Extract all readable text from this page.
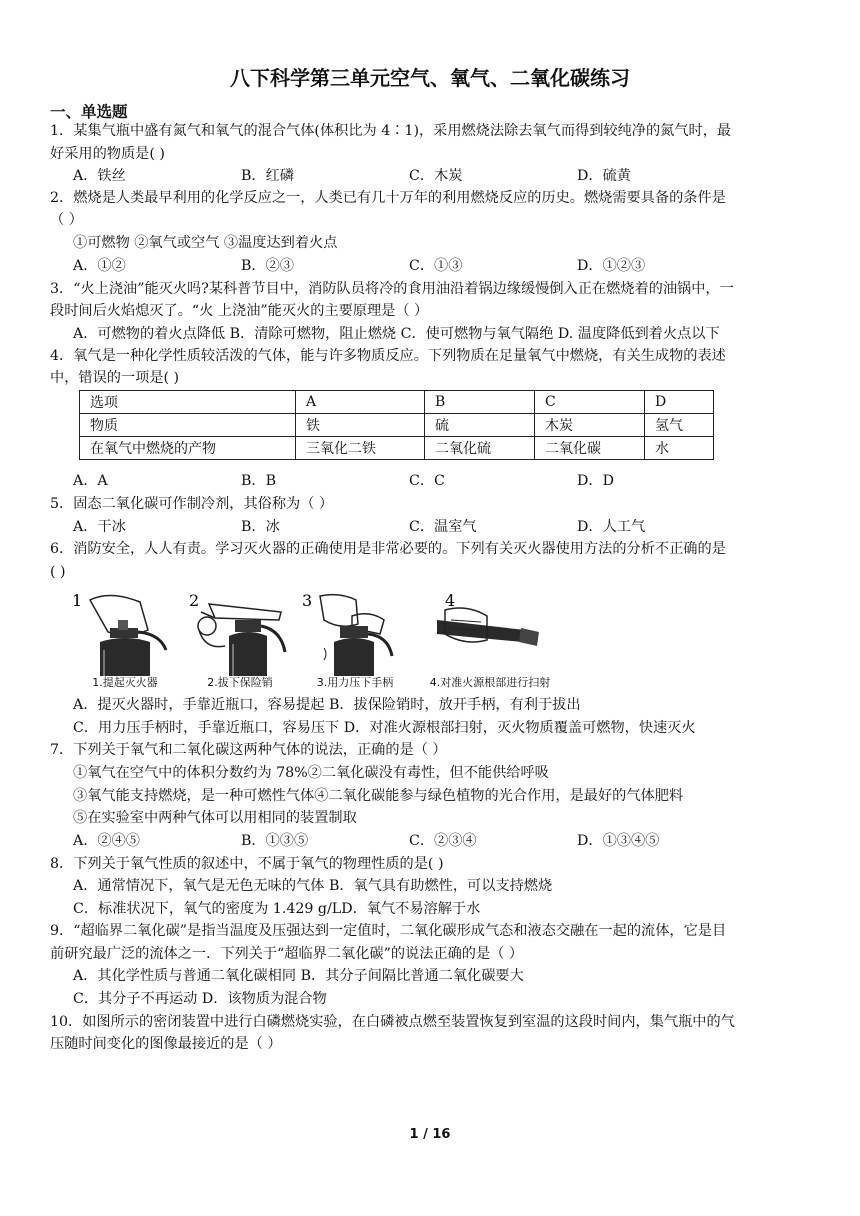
八下科学第三单元空气、氧气、二氧化碳练习
一、单选题
1．某集气瓶中盛有氮气和氧气的混合气体(体积比为 4∶1)，采用燃烧法除去氧气而得到较纯净的氮气时，最
好采用的物质是( )
A．铁丝	B．红磷	C．木炭	D．硫黄
2．燃烧是人类最早利用的化学反应之一，人类已有几十万年的利用燃烧反应的历史。燃烧需要具备的条件是
（ ）
①可燃物 ②氧气或空气 ③温度达到着火点
A．①②	B．②③	C．①③	D．①②③
3．“火上浇油”能灭火吗?某科普节目中，消防队员将冷的食用油沿着锅边缘缓慢倒入正在燃烧着的油锅中，一
段时间后火焰熄灭了。“火 上浇油”能灭火的主要原理是（ ）
A．可燃物的着火点降低 B．清除可燃物，阻止燃烧 C．使可燃物与氧气隔绝 D. 温度降低到着火点以下
4．氧气是一种化学性质较活泼的气体，能与许多物质反应。下列物质在足量氧气中燃烧，有关生成物的表述
中，错误的一项是( )
选项	A	B	C	D
物质	铁	硫	木炭	氢气
在氧气中燃烧的产物	三氧化二铁	二氧化硫	二氧化碳	水
A．A	B．B	C．C	D．D
5．固态二氧化碳可作制冷剂，其俗称为（ ）
A．干冰	B．冰	C．温室气	D．人工气
6．消防安全，人人有责。学习灭火器的正确使用是非常必要的。下列有关灭火器使用方法的分析不正确的是
( )
1
1.提起灭火器
2
2.拔下保险销
3
3.用力压下手柄
4
4.对准火源根部进行扫射
A．提灭火器时，手靠近瓶口，容易提起 B．拔保险销时，放开手柄，有利于拔出
C．用力压手柄时，手靠近瓶口，容易压下 D．对准火源根部扫射，灭火物质覆盖可燃物，快速灭火
7．下列关于氧气和二氧化碳这两种气体的说法，正确的是（ ）
①氧气在空气中的体积分数约为 78%②二氧化碳没有毒性，但不能供给呼吸
③氧气能支持燃烧，是一种可燃性气体④二氧化碳能参与绿色植物的光合作用，是最好的气体肥料
⑤在实验室中两种气体可以用相同的装置制取
A．②④⑤	B．①③⑤	C．②③④	D．①③④⑤
8．下列关于氧气性质的叙述中，不属于氧气的物理性质的是( )
A．通常情况下，氧气是无色无味的气体 B．氧气具有助燃性，可以支持燃烧
C．标准状况下，氧气的密度为 1.429 g/LD．氧气不易溶解于水
9．“超临界二氧化碳”是指当温度及压强达到一定值时，二氧化碳形成气态和液态交融在一起的流体，它是目
前研究最广泛的流体之一．下列关于“超临界二氧化碳”的说法正确的是（ ）
A．其化学性质与普通二氧化碳相同 B．其分子间隔比普通二氧化碳要大
C．其分子不再运动 D．该物质为混合物
10．如图所示的密闭装置中进行白磷燃烧实验，在白磷被点燃至装置恢复到室温的这段时间内，集气瓶中的气
压随时间变化的图像最接近的是（ ）
1 / 16
